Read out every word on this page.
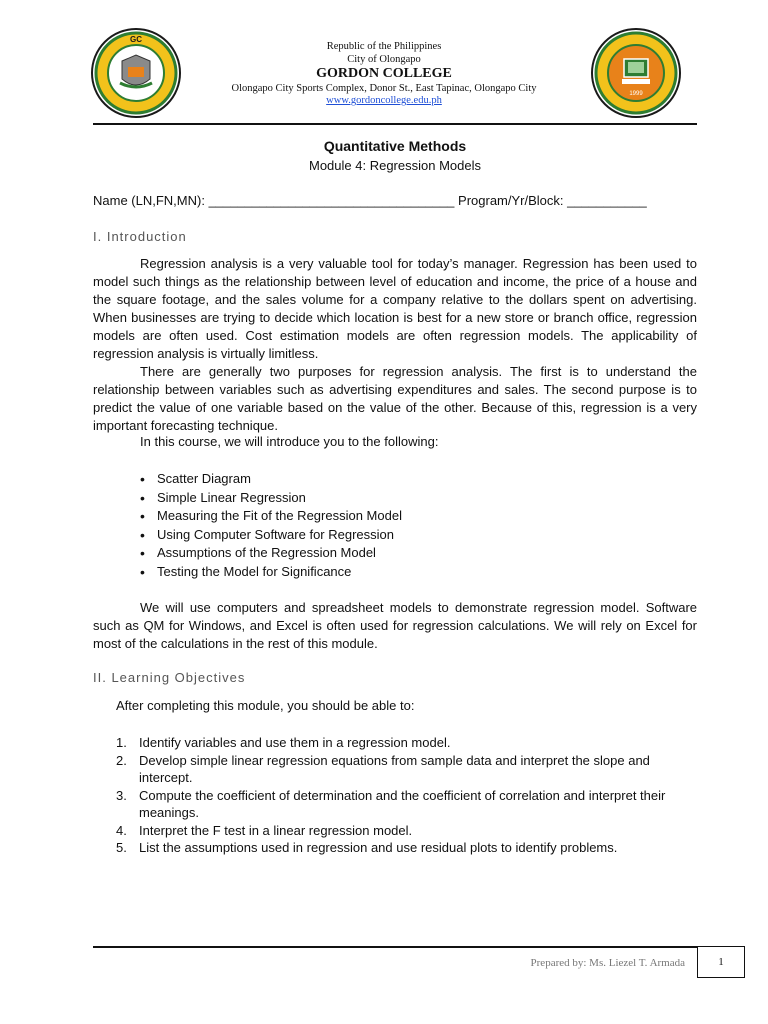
GC
1999
Republic of the Philippines
City of Olongapo
GORDON COLLEGE
Olongapo City Sports Complex, Donor St., East Tapinac, Olongapo City
www.gordoncollege.edu.ph
Quantitative Methods
Module 4: Regression Models
Name (LN,FN,MN): __________________________________ Program/Yr/Block: ___________
I. Introduction
Regression analysis is a very valuable tool for today’s manager. Regression has been used to model such things as the relationship between level of education and income, the price of a house and the square footage, and the sales volume for a company relative to the dollars spent on advertising. When businesses are trying to decide which location is best for a new store or branch office, regression models are often used. Cost estimation models are often regression models. The applicability of regression analysis is virtually limitless.
There are generally two purposes for regression analysis. The first is to understand the relationship between variables such as advertising expenditures and sales. The second purpose is to predict the value of one variable based on the value of the other. Because of this, regression is a very important forecasting technique.
In this course, we will introduce you to the following:
• Scatter Diagram
• Simple Linear Regression
• Measuring the Fit of the Regression Model
• Using Computer Software for Regression
• Assumptions of the Regression Model
• Testing the Model for Significance
We will use computers and spreadsheet models to demonstrate regression model. Software such as QM for Windows, and Excel is often used for regression calculations. We will rely on Excel for most of the calculations in the rest of this module.
II. Learning Objectives
After completing this module, you should be able to:
1. Identify variables and use them in a regression model.
2. Develop simple linear regression equations from sample data and interpret the slope and intercept.
3. Compute the coefficient of determination and the coefficient of correlation and interpret their meanings.
4. Interpret the F test in a linear regression model.
5. List the assumptions used in regression and use residual plots to identify problems.
Prepared by: Ms. Liezel T. Armada	1
